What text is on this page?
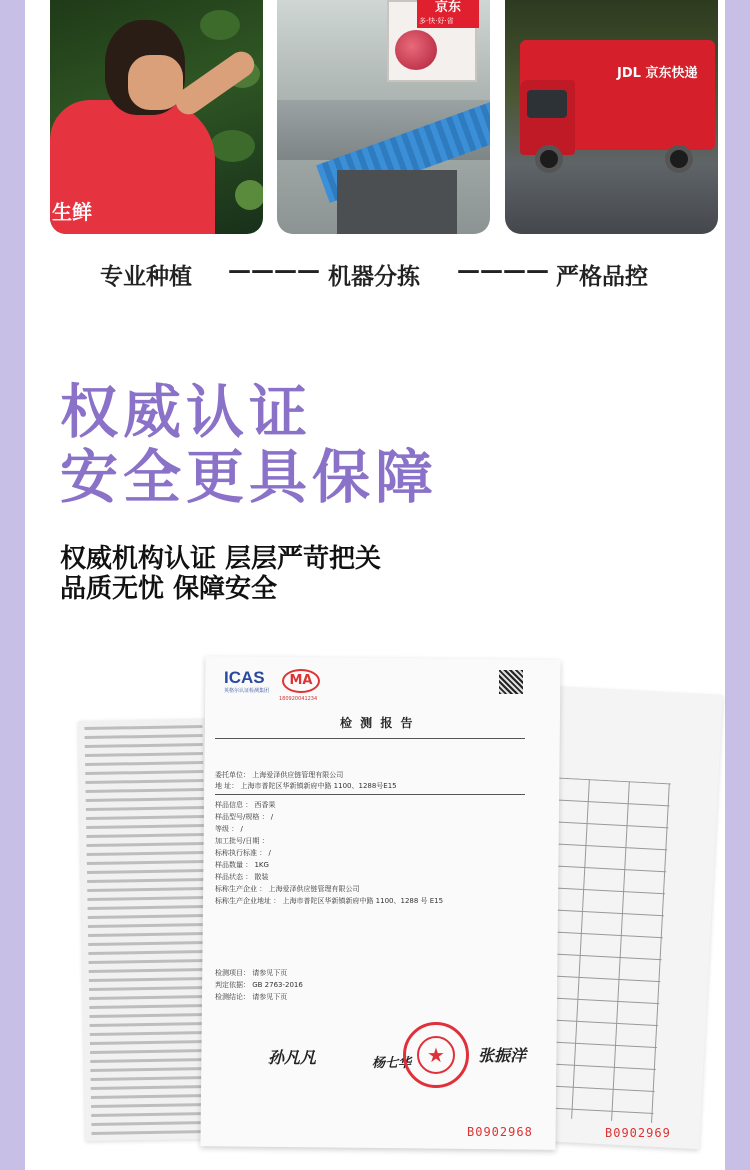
生鲜
京东
多·快·好·省
JDL 京东快递
专业种植 ———— 机器分拣 ———— 严格品控
权威认证
安全更具保障
权威机构认证 层层严苛把关
品质无忧 保障安全
ICAS
英格尔认证检测集团
MA
180920041234
检 测 报 告
委托单位： 上海爱泽供应链管理有限公司
地 址： 上海市普陀区华新镇新府中路 1100、1288号E15
样品信息 ： 西香果
样品型号/规格 ： /
等级 ： /
加工批号/日期 ：
标称执行标准 ： /
样品数量 ： 1KG
样品状态 ： 散装
标称生产企业 ： 上海爱泽供应链管理有限公司
标称生产企业地址 ： 上海市普陀区华新镇新府中路 1100、1288 号 E15
检测项目： 请参见下页
判定依据： GB 2763-2016
检测结论： 请参见下页
孙凡凡	杨七华	张振洋
★
B0902968	B0902969
